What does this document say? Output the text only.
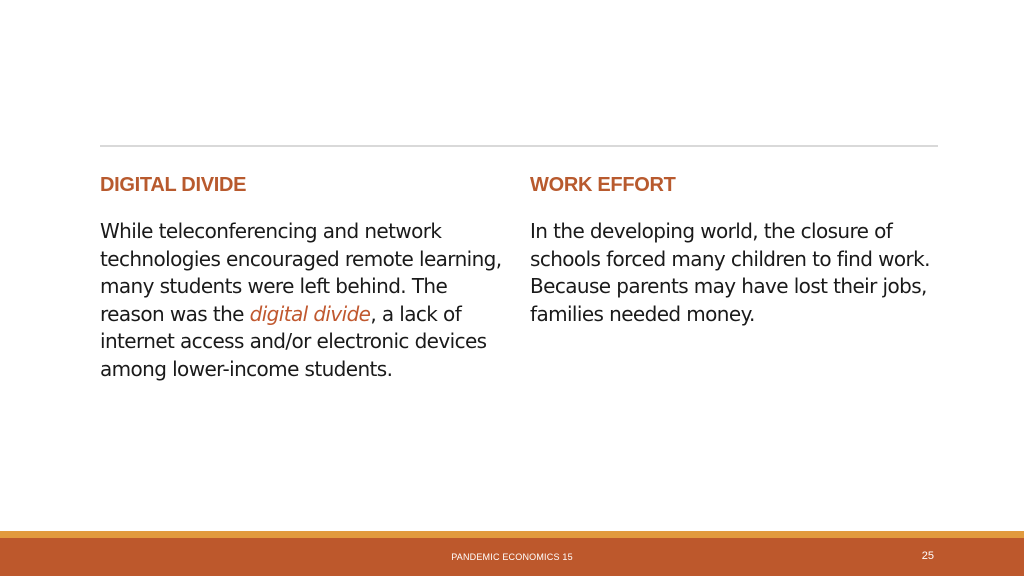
DIGITAL DIVIDE

While teleconferencing and network technologies encouraged remote learning, many students were left behind. The reason was the digital divide, a lack of internet access and/or electronic devices among lower-income students.

WORK EFFORT

In the developing world, the closure of schools forced many children to find work. Because parents may have lost their jobs, families needed money.

PANDEMIC ECONOMICS 15	25
